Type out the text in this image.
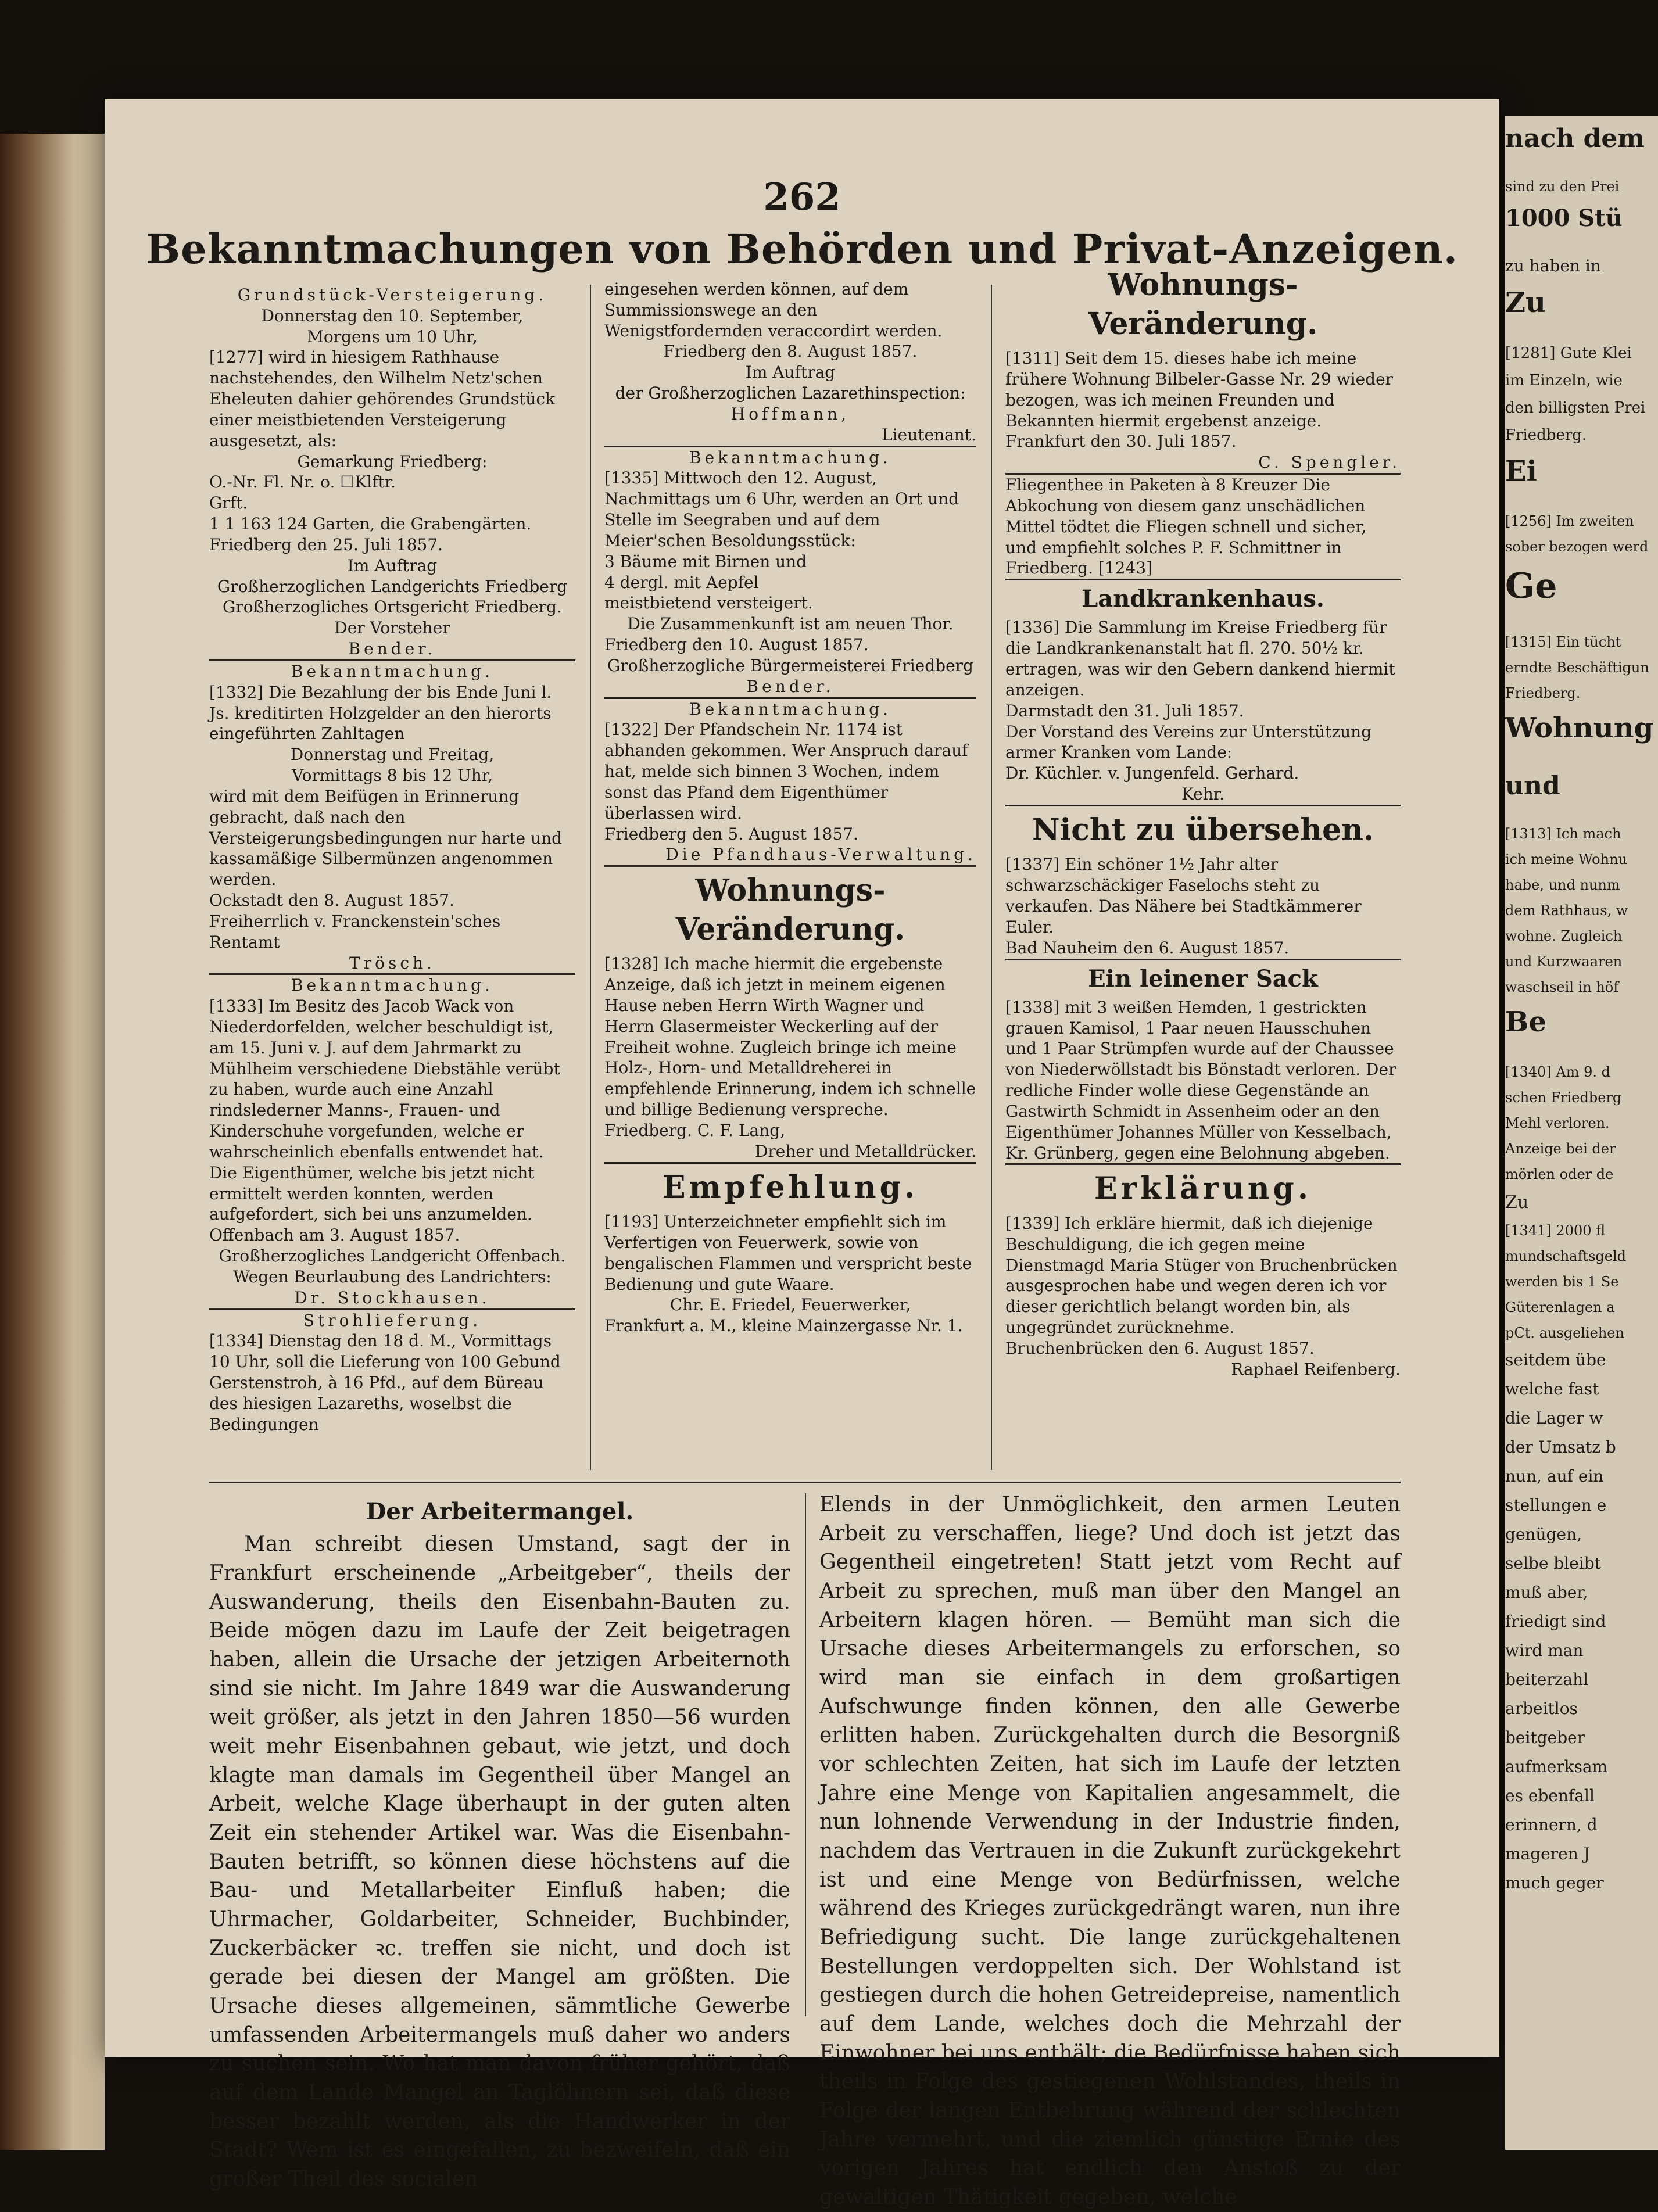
262
Bekanntmachungen von Behörden und Privat-Anzeigen.

Grundstück-Versteigerung.

Donnerstag den 10. September,

Morgens um 10 Uhr,

[1277] wird in hiesigem Rathhause nachstehendes, den Wilhelm Netz'schen Eheleuten dahier gehörendes Grundstück einer meistbietenden Versteigerung ausgesetzt, als:

Gemarkung Friedberg:

O.-Nr. Fl. Nr. o. ☐Klftr.

Grft.

1 1 163 124 Garten, die Grabengärten.

Friedberg den 25. Juli 1857.

Im Auftrag

Großherzoglichen Landgerichts Friedberg

Großherzogliches Ortsgericht Friedberg.

Der Vorsteher

Bender.

Bekanntmachung.

[1332] Die Bezahlung der bis Ende Juni l. Js. kreditirten Holzgelder an den hierorts eingeführten Zahltagen

Donnerstag und Freitag,

Vormittags 8 bis 12 Uhr,

wird mit dem Beifügen in Erinnerung gebracht, daß nach den Versteigerungsbedingungen nur harte und kassamäßige Silbermünzen angenommen werden.

Ockstadt den 8. August 1857.

Freiherrlich v. Franckenstein'sches Rentamt

Trösch.

Bekanntmachung.

[1333] Im Besitz des Jacob Wack von Niederdorfelden, welcher beschuldigt ist, am 15. Juni v. J. auf dem Jahrmarkt zu Mühlheim verschiedene Diebstähle verübt zu haben, wurde auch eine Anzahl rindslederner Manns-, Frauen- und Kinderschuhe vorgefunden, welche er wahrscheinlich ebenfalls entwendet hat. Die Eigenthümer, welche bis jetzt nicht ermittelt werden konnten, werden aufgefordert, sich bei uns anzumelden.

Offenbach am 3. August 1857.

Großherzogliches Landgericht Offenbach.

Wegen Beurlaubung des Landrichters:

Dr. Stockhausen.

Strohlieferung.

[1334] Dienstag den 18 d. M., Vormittags 10 Uhr, soll die Lieferung von 100 Gebund Gerstenstroh, à 16 Pfd., auf dem Büreau des hiesigen Lazareths, woselbst die Bedingungen

eingesehen werden können, auf dem Summissionswege an den Wenigstfordernden veraccordirt werden.

Friedberg den 8. August 1857.

Im Auftrag

der Großherzoglichen Lazarethinspection:

Hoffmann,

Lieutenant.

Bekanntmachung.

[1335] Mittwoch den 12. August, Nachmittags um 6 Uhr, werden an Ort und Stelle im Seegraben und auf dem Meier'schen Besoldungsstück:

3 Bäume mit Birnen und

4 dergl. mit Aepfel

meistbietend versteigert.

Die Zusammenkunft ist am neuen Thor.

Friedberg den 10. August 1857.

Großherzogliche Bürgermeisterei Friedberg

Bender.

Bekanntmachung.

[1322] Der Pfandschein Nr. 1174 ist abhanden gekommen. Wer Anspruch darauf hat, melde sich binnen 3 Wochen, indem sonst das Pfand dem Eigenthümer überlassen wird.

Friedberg den 5. August 1857.

Die Pfandhaus-Verwaltung.

Wohnungs-Veränderung.

[1328] Ich mache hiermit die ergebenste Anzeige, daß ich jetzt in meinem eigenen Hause neben Herrn Wirth Wagner und Herrn Glasermeister Weckerling auf der Freiheit wohne. Zugleich bringe ich meine Holz-, Horn- und Metalldreherei in empfehlende Erinnerung, indem ich schnelle und billige Bedienung verspreche.

Friedberg. C. F. Lang,

Dreher und Metalldrücker.

Empfehlung.

[1193] Unterzeichneter empfiehlt sich im Verfertigen von Feuerwerk, sowie von bengalischen Flammen und verspricht beste Bedienung und gute Waare.

Chr. E. Friedel, Feuerwerker,

Frankfurt a. M., kleine Mainzergasse Nr. 1.

Wohnungs-Veränderung.

[1311] Seit dem 15. dieses habe ich meine frühere Wohnung Bilbeler-Gasse Nr. 29 wieder bezogen, was ich meinen Freunden und Bekannten hiermit ergebenst anzeige.

Frankfurt den 30. Juli 1857.

C. Spengler.

Fliegenthee in Paketen à 8 Kreuzer Die Abkochung von diesem ganz unschädlichen Mittel tödtet die Fliegen schnell und sicher, und empfiehlt solches P. F. Schmittner in Friedberg. [1243]

Landkrankenhaus.

[1336] Die Sammlung im Kreise Friedberg für die Landkrankenanstalt hat fl. 270. 50½ kr. ertragen, was wir den Gebern dankend hiermit anzeigen.

Darmstadt den 31. Juli 1857.

Der Vorstand des Vereins zur Unterstützung armer Kranken vom Lande:

Dr. Küchler. v. Jungenfeld. Gerhard.

Kehr.

Nicht zu übersehen.

[1337] Ein schöner 1½ Jahr alter schwarzschäckiger Faselochs steht zu verkaufen. Das Nähere bei Stadtkämmerer Euler.

Bad Nauheim den 6. August 1857.

Ein leinener Sack

[1338] mit 3 weißen Hemden, 1 gestrickten grauen Kamisol, 1 Paar neuen Hausschuhen und 1 Paar Strümpfen wurde auf der Chaussee von Niederwöllstadt bis Bönstadt verloren. Der redliche Finder wolle diese Gegenstände an Gastwirth Schmidt in Assenheim oder an den Eigenthümer Johannes Müller von Kesselbach, Kr. Grünberg, gegen eine Belohnung abgeben.

Erklärung.

[1339] Ich erkläre hiermit, daß ich diejenige Beschuldigung, die ich gegen meine Dienstmagd Maria Stüger von Bruchenbrücken ausgesprochen habe und wegen deren ich vor dieser gerichtlich belangt worden bin, als ungegründet zurücknehme.

Bruchenbrücken den 6. August 1857.

Raphael Reifenberg.

Der Arbeitermangel.

Man schreibt diesen Umstand, sagt der in Frankfurt erscheinende „Arbeitgeber“, theils der Auswanderung, theils den Eisenbahn-Bauten zu. Beide mögen dazu im Laufe der Zeit beigetragen haben, allein die Ursache der jetzigen Arbeiternoth sind sie nicht. Im Jahre 1849 war die Auswanderung weit größer, als jetzt in den Jahren 1850—56 wurden weit mehr Eisenbahnen gebaut, wie jetzt, und doch klagte man damals im Gegentheil über Mangel an Arbeit, welche Klage überhaupt in der guten alten Zeit ein stehender Artikel war. Was die Eisenbahn-Bauten betrifft, so können diese höchstens auf die Bau- und Metallarbeiter Einfluß haben; die Uhrmacher, Goldarbeiter, Schneider, Buchbinder, Zuckerbäcker ꝛc. treffen sie nicht, und doch ist gerade bei diesen der Mangel am größten. Die Ursache dieses allgemeinen, sämmtliche Gewerbe umfassenden Arbeitermangels muß daher wo anders zu suchen sein. Wo hat man davon früher gehört, daß auf dem Lande Mangel an Taglöhnern sei, daß diese besser bezahlt werden, als die Handwerker in der Stadt? Wem ist es eingefallen, zu bezweifeln, daß ein großer Theil des socialen

Elends in der Unmöglichkeit, den armen Leuten Arbeit zu verschaffen, liege? Und doch ist jetzt das Gegentheil eingetreten! Statt jetzt vom Recht auf Arbeit zu sprechen, muß man über den Mangel an Arbeitern klagen hören. — Bemüht man sich die Ursache dieses Arbeitermangels zu erforschen, so wird man sie einfach in dem großartigen Aufschwunge finden können, den alle Gewerbe erlitten haben. Zurückgehalten durch die Besorgniß vor schlechten Zeiten, hat sich im Laufe der letzten Jahre eine Menge von Kapitalien angesammelt, die nun lohnende Verwendung in der Industrie finden, nachdem das Vertrauen in die Zukunft zurückgekehrt ist und eine Menge von Bedürfnissen, welche während des Krieges zurückgedrängt waren, nun ihre Befriedigung sucht. Die lange zurückgehaltenen Bestellungen verdoppelten sich. Der Wohlstand ist gestiegen durch die hohen Getreidepreise, namentlich auf dem Lande, welches doch die Mehrzahl der Einwohner bei uns enthält; die Bedürfnisse haben sich theils in Folge des gestiegenen Wohlstandes, theils in Folge der langen Entbehrung während der schlechten Jahre vermehrt, und die ziemlich günstige Ernte des vorigen Jahres hat endlich den Anstoß zu der gewaltigen Thätigkeit gegeben, welche

nach dem
sind zu den Prei
1000 Stü
zu haben in
Zu
[1281] Gute Klei
im Einzeln, wie
den billigsten Prei
Friedberg.
Ei
[1256] Im zweiten
sober bezogen werd
Ge
[1315] Ein tücht
erndte Beschäftigun
Friedberg.
Wohnung
und
[1313] Ich mach
ich meine Wohnu
habe, und nunm
dem Rathhaus, w
wohne. Zugleich
und Kurzwaaren
waschseil in höf
Be
[1340] Am 9. d
schen Friedberg
Mehl verloren.
Anzeige bei der
mörlen oder de
Zu
[1341] 2000 fl
mundschaftsgeld
werden bis 1 Se
Güterenlagen a
pCt. ausgeliehen
seitdem übe
welche fast
die Lager w
der Umsatz b
nun, auf ein
stellungen e
genügen,
selbe bleibt
muß aber,
friedigt sind
wird man
beiterzahl
arbeitlos
beitgeber
aufmerksam
es ebenfall
erinnern, d
mageren J
much geger
